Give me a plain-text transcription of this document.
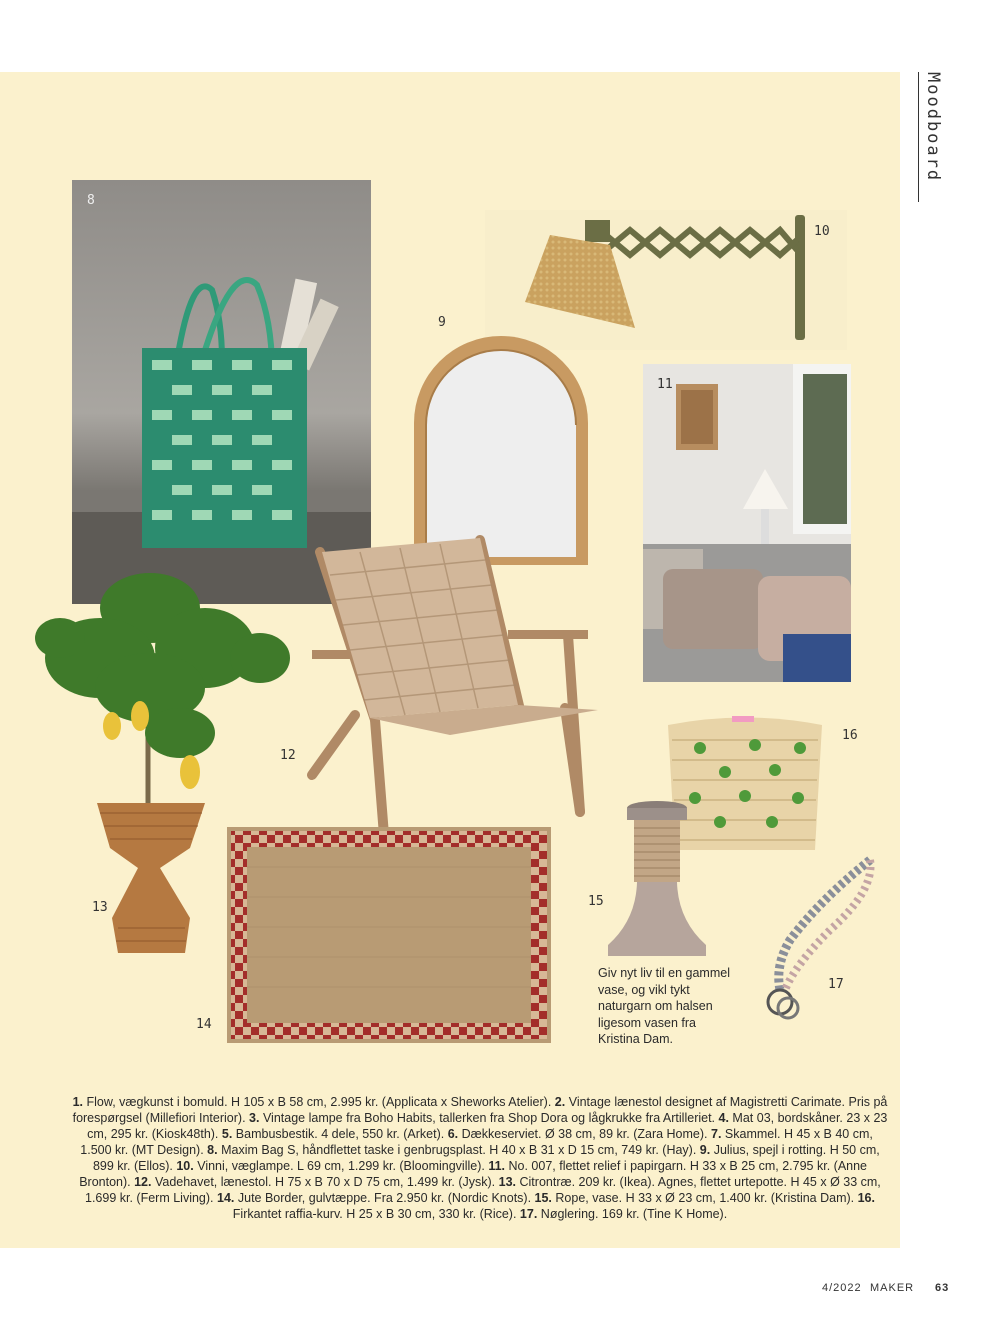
Moodboard
8
10
9
11
12
13
16
15
14
17
Giv nyt liv til en gammel vase, og vikl tykt naturgarn om halsen ligesom vasen fra Kristina Dam.
1. Flow, vægkunst i bomuld. H 105 x B 58 cm, 2.995 kr. (Applicata x Sheworks Atelier). 2. Vintage lænestol designet af Magistretti Carimate. Pris på forespørgsel (Millefiori Interior). 3. Vintage lampe fra Boho Habits, tallerken fra Shop Dora og lågkrukke fra Artilleriet. 4. Mat 03, bordskåner. 23 x 23 cm, 295 kr. (Kiosk48th). 5. Bambusbestik. 4 dele, 550 kr. (Arket). 6. Dækkeserviet. Ø 38 cm, 89 kr. (Zara Home). 7. Skammel. H 45 x B 40 cm, 1.500 kr. (MT Design). 8. Maxim Bag S, håndflettet taske i genbrugsplast. H 40 x B 31 x D 15 cm, 749 kr. (Hay). 9. Julius, spejl i rotting. H 50 cm, 899 kr. (Ellos). 10. Vinni, væglampe. L 69 cm, 1.299 kr. (Bloomingville). 11. No. 007, flettet relief i papirgarn. H 33 x B 25 cm, 2.795 kr. (Anne Bronton). 12. Vadehavet, lænestol. H 75 x B 70 x D 75 cm, 1.499 kr. (Jysk). 13. Citrontræ. 209 kr. (Ikea). Agnes, flettet urtepotte. H 45 x Ø 33 cm, 1.699 kr. (Ferm Living). 14. Jute Border, gulvtæppe. Fra 2.950 kr. (Nordic Knots). 15. Rope, vase. H 33 x Ø 23 cm, 1.400 kr. (Kristina Dam). 16. Firkantet raffia-kurv. H 25 x B 30 cm, 330 kr. (Rice). 17. Nøglering. 169 kr. (Tine K Home).
4/2022 MAKER 63
